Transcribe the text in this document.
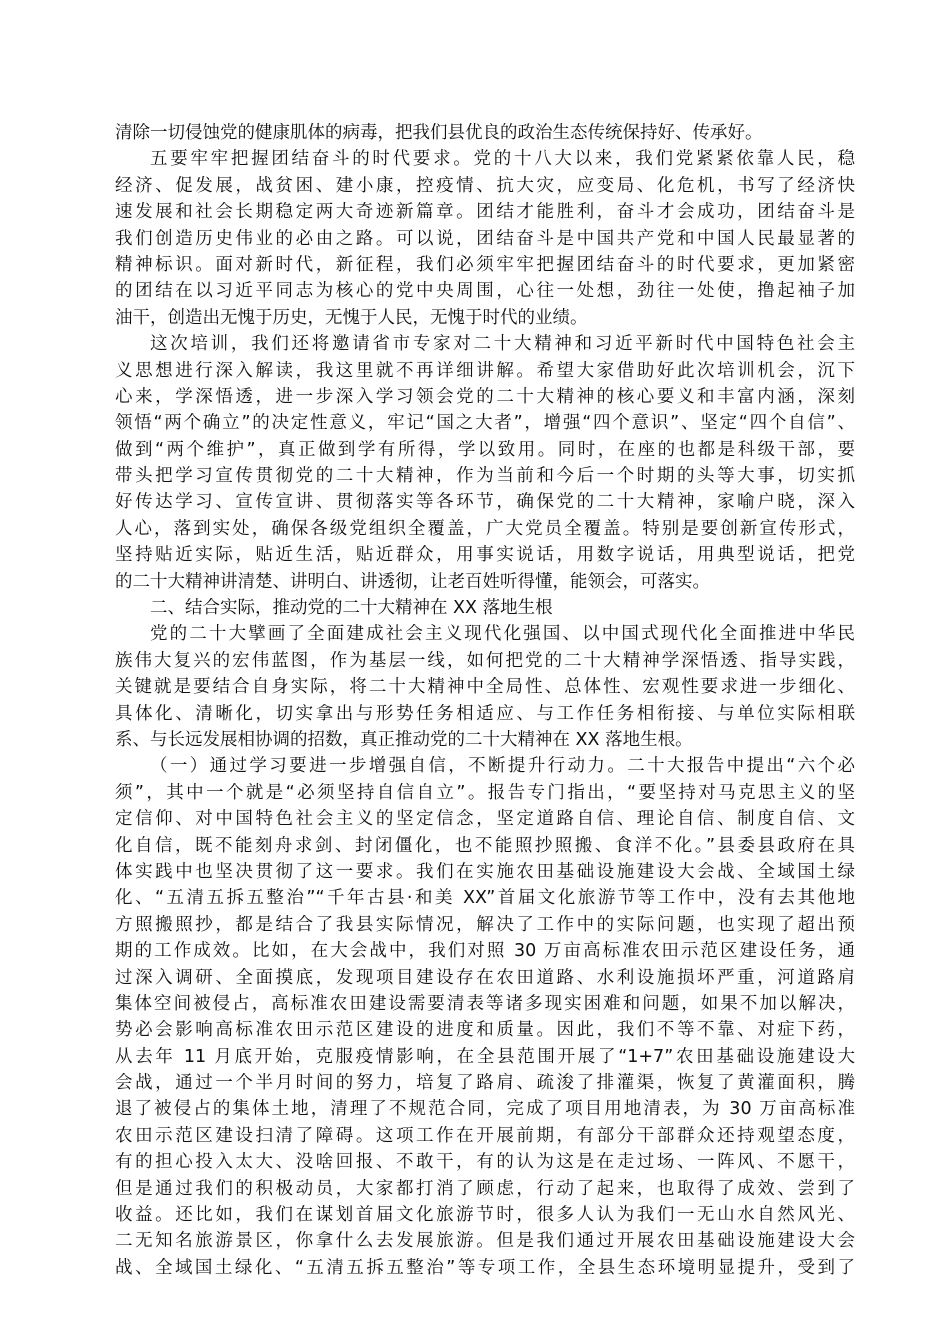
清除一切侵蚀党的健康肌体的病毒，把我们县优良的政治生态传统保持好、传承好。
五要牢牢把握团结奋斗的时代要求。党的十八大以来，我们党紧紧依靠人民，稳
经济、促发展，战贫困、建小康，控疫情、抗大灾，应变局、化危机，书写了经济快
速发展和社会长期稳定两大奇迹新篇章。团结才能胜利，奋斗才会成功，团结奋斗是
我们创造历史伟业的必由之路。可以说，团结奋斗是中国共产党和中国人民最显著的
精神标识。面对新时代，新征程，我们必须牢牢把握团结奋斗的时代要求，更加紧密
的团结在以习近平同志为核心的党中央周围，心往一处想，劲往一处使，撸起袖子加
油干，创造出无愧于历史，无愧于人民，无愧于时代的业绩。
这次培训，我们还将邀请省市专家对二十大精神和习近平新时代中国特色社会主
义思想进行深入解读，我这里就不再详细讲解。希望大家借助好此次培训机会，沉下
心来，学深悟透，进一步深入学习领会党的二十大精神的核心要义和丰富内涵，深刻
领悟“两个确立”的决定性意义，牢记“国之大者”，增强“四个意识”、坚定“四个自信”、
做到“两个维护”，真正做到学有所得，学以致用。同时，在座的也都是科级干部，要
带头把学习宣传贯彻党的二十大精神，作为当前和今后一个时期的头等大事，切实抓
好传达学习、宣传宣讲、贯彻落实等各环节，确保党的二十大精神，家喻户晓，深入
人心，落到实处，确保各级党组织全覆盖，广大党员全覆盖。特别是要创新宣传形式，
坚持贴近实际，贴近生活，贴近群众，用事实说话，用数字说话，用典型说话，把党
的二十大精神讲清楚、讲明白、讲透彻，让老百姓听得懂，能领会，可落实。
二、结合实际，推动党的二十大精神在 XX 落地生根
党的二十大擘画了全面建成社会主义现代化强国、以中国式现代化全面推进中华民
族伟大复兴的宏伟蓝图，作为基层一线，如何把党的二十大精神学深悟透、指导实践，
关键就是要结合自身实际，将二十大精神中全局性、总体性、宏观性要求进一步细化、
具体化、清晰化，切实拿出与形势任务相适应、与工作任务相衔接、与单位实际相联
系、与长远发展相协调的招数，真正推动党的二十大精神在 XX 落地生根。
（一）通过学习要进一步增强自信，不断提升行动力。二十大报告中提出“六个必
须”，其中一个就是“必须坚持自信自立”。报告专门指出，“要坚持对马克思主义的坚
定信仰、对中国特色社会主义的坚定信念，坚定道路自信、理论自信、制度自信、文
化自信，既不能刻舟求剑、封闭僵化，也不能照抄照搬、食洋不化。”县委县政府在具
体实践中也坚决贯彻了这一要求。我们在实施农田基础设施建设大会战、全域国土绿
化、“五清五拆五整治”“千年古县·和美 XX”首届文化旅游节等工作中，没有去其他地
方照搬照抄，都是结合了我县实际情况，解决了工作中的实际问题，也实现了超出预
期的工作成效。比如，在大会战中，我们对照 30 万亩高标准农田示范区建设任务，通
过深入调研、全面摸底，发现项目建设存在农田道路、水利设施损坏严重，河道路肩
集体空间被侵占，高标准农田建设需要清表等诸多现实困难和问题，如果不加以解决，
势必会影响高标准农田示范区建设的进度和质量。因此，我们不等不靠、对症下药，
从去年 11 月底开始，克服疫情影响，在全县范围开展了“1+7”农田基础设施建设大
会战，通过一个半月时间的努力，培复了路肩、疏浚了排灌渠，恢复了黄灌面积，腾
退了被侵占的集体土地，清理了不规范合同，完成了项目用地清表，为 30 万亩高标准
农田示范区建设扫清了障碍。这项工作在开展前期，有部分干部群众还持观望态度，
有的担心投入太大、没啥回报、不敢干，有的认为这是在走过场、一阵风、不愿干，
但是通过我们的积极动员，大家都打消了顾虑，行动了起来，也取得了成效、尝到了
收益。还比如，我们在谋划首届文化旅游节时，很多人认为我们一无山水自然风光、
二无知名旅游景区，你拿什么去发展旅游。但是我们通过开展农田基础设施建设大会
战、全域国土绿化、“五清五拆五整治”等专项工作，全县生态环境明显提升，受到了
